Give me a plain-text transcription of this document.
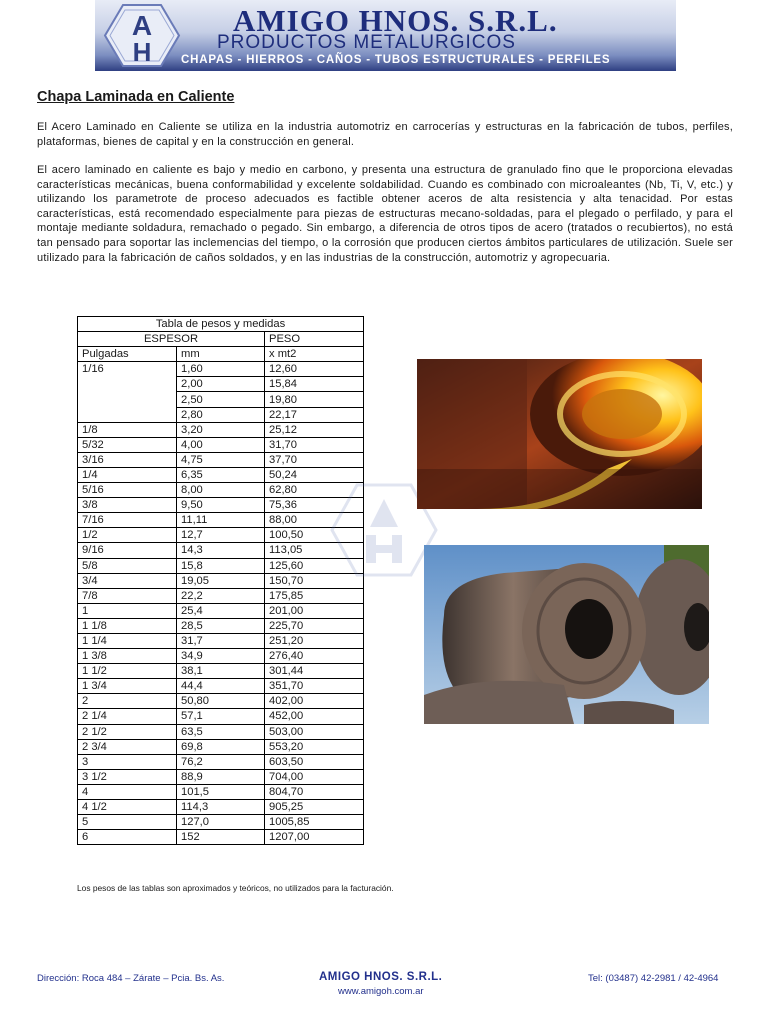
A
H
AMIGO HNOS. S.R.L.
PRODUCTOS METALURGICOS
CHAPAS - HIERROS - CAÑOS - TUBOS ESTRUCTURALES - PERFILES
Chapa Laminada en Caliente

El Acero Laminado en Caliente se utiliza en la industria automotriz en carrocerías y estructuras en la fabricación de tubos, perfiles, plataformas, bienes de capital y en la construcción en general.

El acero laminado en caliente es bajo y medio en carbono, y presenta una estructura de granulado fino que le proporciona elevadas características mecánicas, buena conformabilidad y excelente soldabilidad. Cuando es combinado con microaleantes (Nb, Ti, V, etc.) y utilizando los parametrote de proceso adecuados es factible obtener aceros de alta resistencia y alta tenacidad. Por estas características, está recomendado especialmente para piezas de estructuras mecano-soldadas, para el plegado o perfilado, y para el montaje mediante soldadura, remachado o pegado. Sin embargo, a diferencia de otros tipos de acero (tratados o recubiertos), no está tan pensado para soportar las inclemencias del tiempo, o la corrosión que producen ciertos ámbitos particulares de utilización. Suele ser utilizado para la fabricación de caños soldados, y en las industrias de la construcción, automotriz y agropecuaria.

Tabla de pesos y medidas		
ESPESOR		PESO
Pulgadas	mm	x mt2
1/16	1,60	12,60
	2,00	15,84
	2,50	19,80
	2,80	22,17
1/8	3,20	25,12
5/32	4,00	31,70
3/16	4,75	37,70
1/4	6,35	50,24
5/16	8,00	62,80
3/8	9,50	75,36
7/16	11,11	88,00
1/2	12,7	100,50
9/16	14,3	113,05
5/8	15,8	125,60
3/4	19,05	150,70
7/8	22,2	175,85
1	25,4	201,00
1 1/8	28,5	225,70
1 1/4	31,7	251,20
1 3/8	34,9	276,40
1 1/2	38,1	301,44
1 3/4	44,4	351,70
2	50,80	402,00
2 1/4	57,1	452,00
2 1/2	63,5	503,00
2 3/4	69,8	553,20
3	76,2	603,50
3 1/2	88,9	704,00
4	101,5	804,70
4 1/2	114,3	905,25
5	127,0	1005,85
6	152	1207,00
Los pesos de las tablas son aproximados y teóricos, no utilizados para la facturación.
Dirección: Roca 484 – Zárate – Pcia. Bs. As.	AMIGO HNOS. S.R.L.
www.amigoh.com.ar
Tel: (03487) 42-2981 / 42-4964
